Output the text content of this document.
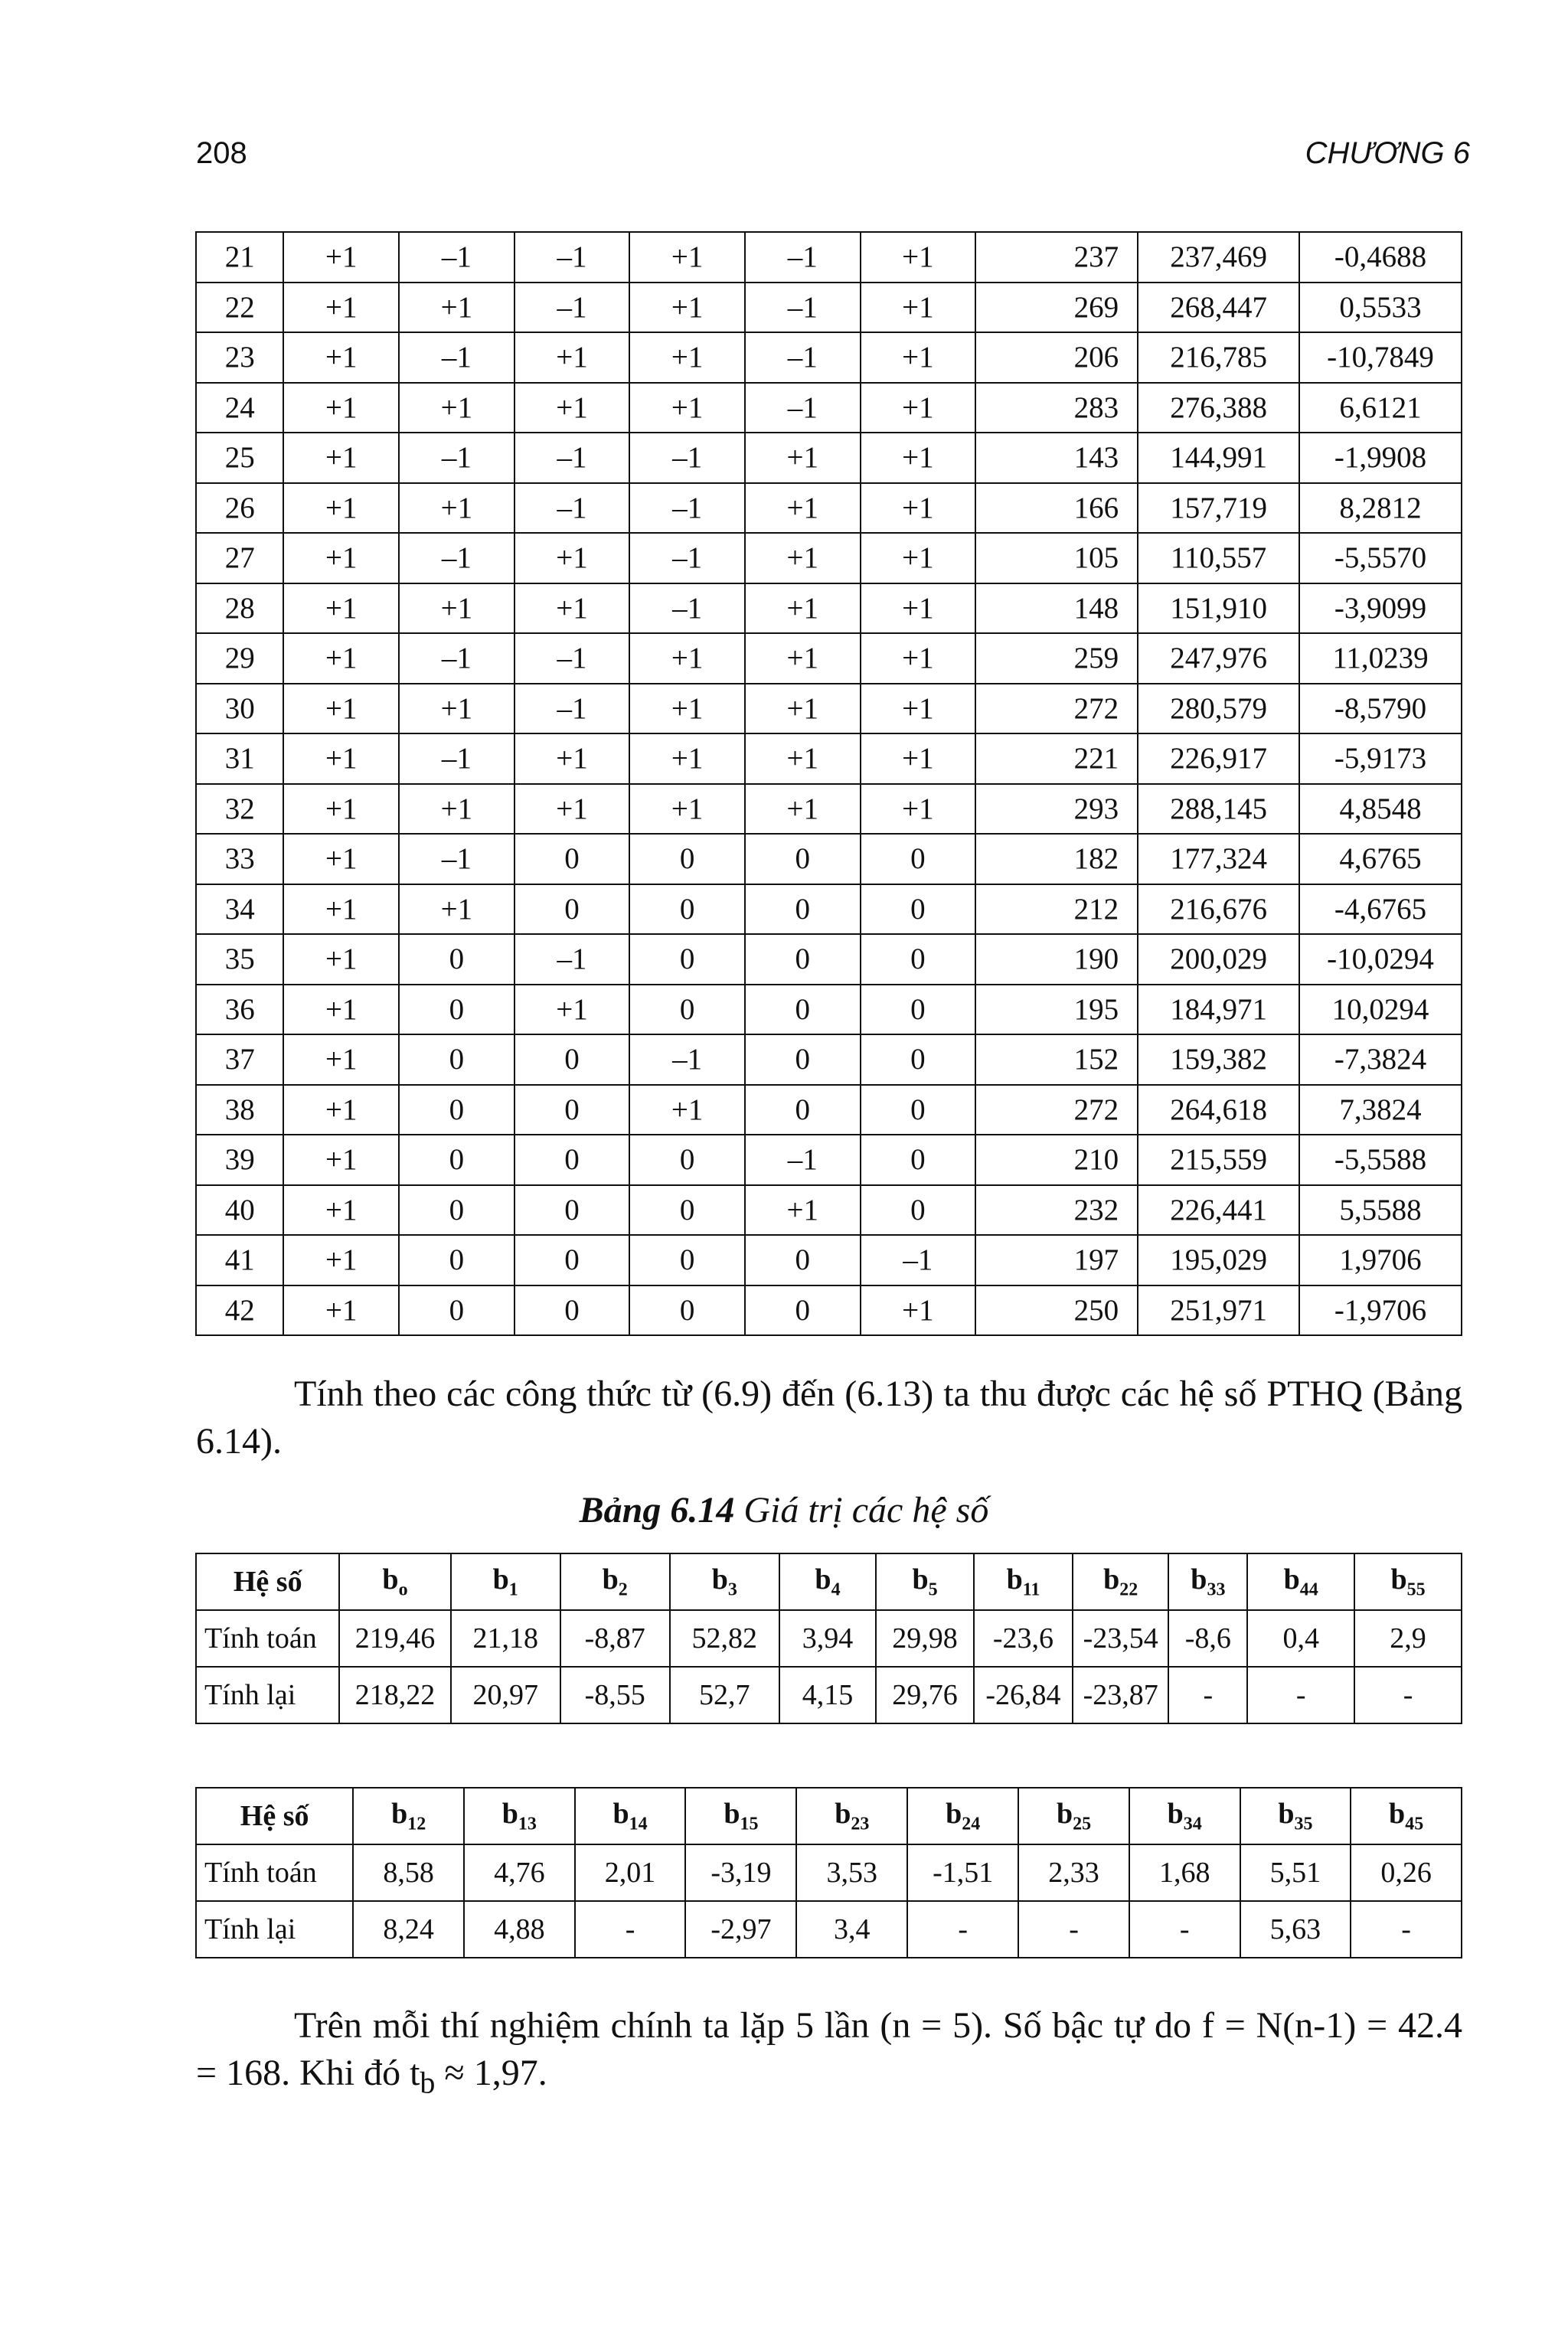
208	CHƯƠNG 6
21	+1	–1	–1	+1	–1	+1	237	237,469	-0,4688
22	+1	+1	–1	+1	–1	+1	269	268,447	0,5533
23	+1	–1	+1	+1	–1	+1	206	216,785	-10,7849
24	+1	+1	+1	+1	–1	+1	283	276,388	6,6121
25	+1	–1	–1	–1	+1	+1	143	144,991	-1,9908
26	+1	+1	–1	–1	+1	+1	166	157,719	8,2812
27	+1	–1	+1	–1	+1	+1	105	110,557	-5,5570
28	+1	+1	+1	–1	+1	+1	148	151,910	-3,9099
29	+1	–1	–1	+1	+1	+1	259	247,976	11,0239
30	+1	+1	–1	+1	+1	+1	272	280,579	-8,5790
31	+1	–1	+1	+1	+1	+1	221	226,917	-5,9173
32	+1	+1	+1	+1	+1	+1	293	288,145	4,8548
33	+1	–1	0	0	0	0	182	177,324	4,6765
34	+1	+1	0	0	0	0	212	216,676	-4,6765
35	+1	0	–1	0	0	0	190	200,029	-10,0294
36	+1	0	+1	0	0	0	195	184,971	10,0294
37	+1	0	0	–1	0	0	152	159,382	-7,3824
38	+1	0	0	+1	0	0	272	264,618	7,3824
39	+1	0	0	0	–1	0	210	215,559	-5,5588
40	+1	0	0	0	+1	0	232	226,441	5,5588
41	+1	0	0	0	0	–1	197	195,029	1,9706
42	+1	0	0	0	0	+1	250	251,971	-1,9706
Tính theo các công thức từ (6.9) đến (6.13) ta thu được các hệ số PTHQ (Bảng 6.14).
Bảng 6.14 Giá trị các hệ số
Hệ số	$b_o$	$b_1$	$b_2$	$b_3$	$b_4$	$b_5$	$b_{11}$	$b_{22}$	$b_{33}$	$b_{44}$	$b_{55}$
Tính toán	219,46	21,18	-8,87	52,82	3,94	29,98	-23,6	-23,54	-8,6	0,4	2,9
Tính lại	218,22	20,97	-8,55	52,7	4,15	29,76	-26,84	-23,87	-	-	-
Hệ số	$b_{12}$	$b_{13}$	$b_{14}$	$b_{15}$	$b_{23}$	$b_{24}$	$b_{25}$	$b_{34}$	$b_{35}$	$b_{45}$
Tính toán	8,58	4,76	2,01	-3,19	3,53	-1,51	2,33	1,68	5,51	0,26
Tính lại	8,24	4,88	-	-2,97	3,4	-	-	-	5,63	-
Trên mỗi thí nghiệm chính ta lặp 5 lần (n = 5). Số bậc tự do f = N(n-1) = 42.4 = 168. Khi đó $t_b \approx 1,97$.
